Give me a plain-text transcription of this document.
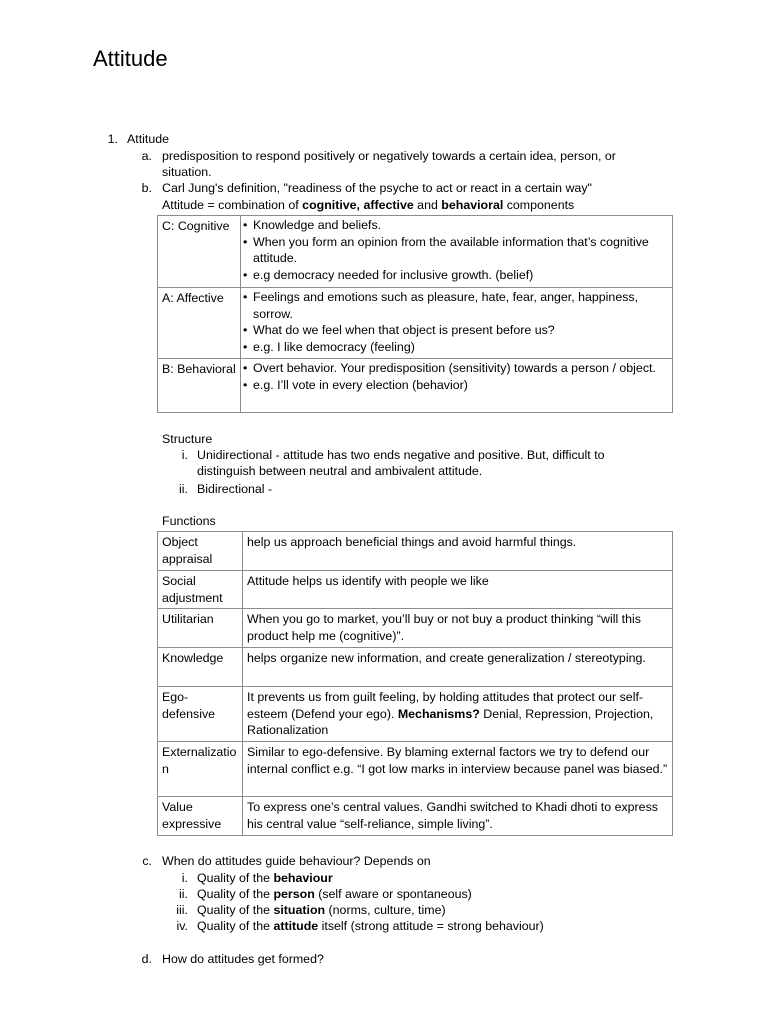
Attitude
1. Attitude
a. predisposition to respond positively or negatively towards a certain idea, person, or
situation.
b. Carl Jung's definition, "readiness of the psyche to act or react in a certain way"
Attitude = combination of cognitive, affective and behavioral components
C: Cognitive	• Knowledge and beliefs.
• When you form an opinion from the available information that’s cognitive attitude.
• e.g democracy needed for inclusive growth. (belief)

A: Affective	• Feelings and emotions such as pleasure, hate, fear, anger, happiness, sorrow.
• What do we feel when that object is present before us?
• e.g. I like democracy (feeling)

B: Behavioral	• Overt behavior. Your predisposition (sensitivity) towards a person / object.
• e.g. I’ll vote in every election (behavior)
Structure
i. Unidirectional - attitude has two ends negative and positive. But, difficult to
distinguish between neutral and ambivalent attitude.
ii. Bidirectional -
Functions
Object appraisal	help us approach beneficial things and avoid harmful things.
Social adjustment	Attitude helps us identify with people we like
Utilitarian	When you go to market, you’ll buy or not buy a product thinking “will this product help me (cognitive)”.
Knowledge	helps organize new information, and create generalization / stereotyping.
Ego-defensive	It prevents us from guilt feeling, by holding attitudes that protect our self-esteem (Defend your ego). Mechanisms? Denial, Repression, Projection, Rationalization
Externalization	Similar to ego-defensive. By blaming external factors we try to defend our internal conflict e.g. “I got low marks in interview because panel was biased.”
Value expressive	To express one’s central values. Gandhi switched to Khadi dhoti to express his central value “self-reliance, simple living”.
c. When do attitudes guide behaviour? Depends on
i. Quality of the behaviour
ii. Quality of the person (self aware or spontaneous)
iii. Quality of the situation (norms, culture, time)
iv. Quality of the attitude itself (strong attitude = strong behaviour)
d. How do attitudes get formed?
